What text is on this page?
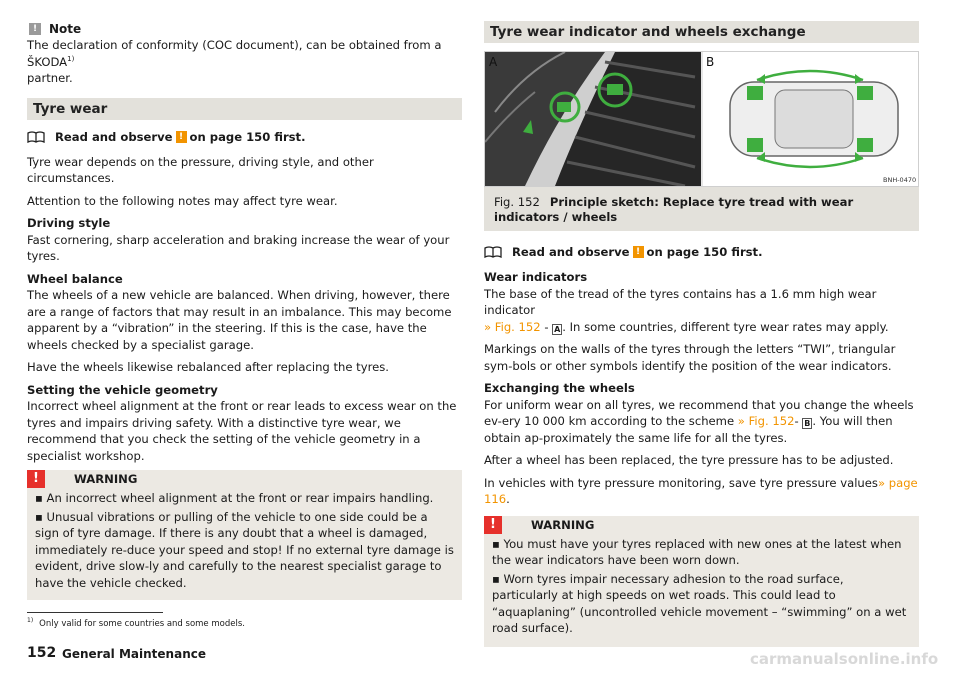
! Note

The declaration of conformity (COC document), can be obtained from a ŠKODA$^{1)}$
partner.

Tyre wear
Read and observe ! on page 150 first.

Tyre wear depends on the pressure, driving style, and other circumstances.

Attention to the following notes may affect tyre wear.

Driving style

Fast cornering, sharp acceleration and braking increase the wear of your tyres.

Wheel balance

The wheels of a new vehicle are balanced. When driving, however, there are a range of factors that may result in an imbalance. This may become apparent by a “vibration” in the steering. If this is the case, have the wheels checked by a specialist garage.

Have the wheels likewise rebalanced after replacing the tyres.

Setting the vehicle geometry

Incorrect wheel alignment at the front or rear leads to excess wear on the tyres and impairs driving safety. With a distinctive tyre wear, we recommend that you check the setting of the vehicle geometry in a specialist workshop.

!	WARNING

▪ An incorrect wheel alignment at the front or rear impairs handling.

▪ Unusual vibrations or pulling of the vehicle to one side could be a sign of tyre damage. If there is any doubt that a wheel is damaged, immediately re-duce your speed and stop! If no external tyre damage is evident, drive slow-ly and carefully to the nearest specialist garage to have the vehicle checked.

Tyre wear indicator and wheels exchange
A	B
BNH-0470
Fig. 152 Principle sketch: Replace tyre tread with wear indicators / wheels
Read and observe ! on page 150 first.

Wear indicators

The base of the tread of the tyres contains has a 1.6 mm high wear indicator
» Fig. 152 - A . In some countries, different tyre wear rates may apply.

Markings on the walls of the tyres through the letters “TWI”, triangular sym-bols or other symbols identify the position of the wear indicators.

Exchanging the wheels

For uniform wear on all tyres, we recommend that you change the wheels ev-ery 10 000 km according to the scheme » Fig. 152- B . You will then obtain ap-proximately the same life for all the tyres.

After a wheel has been replaced, the tyre pressure has to be adjusted.

In vehicles with tyre pressure monitoring, save tyre pressure values» page 116.

!	WARNING

▪ You must have your tyres replaced with new ones at the latest when the wear indicators have been worn down.

▪ Worn tyres impair necessary adhesion to the road surface, particularly at high speeds on wet roads. This could lead to “aquaplaning” (uncontrolled vehicle movement – “swimming” on a wet road surface).

$^{1)}$ Only valid for some countries and some models.
152 General Maintenance	carmanualsonline.info
